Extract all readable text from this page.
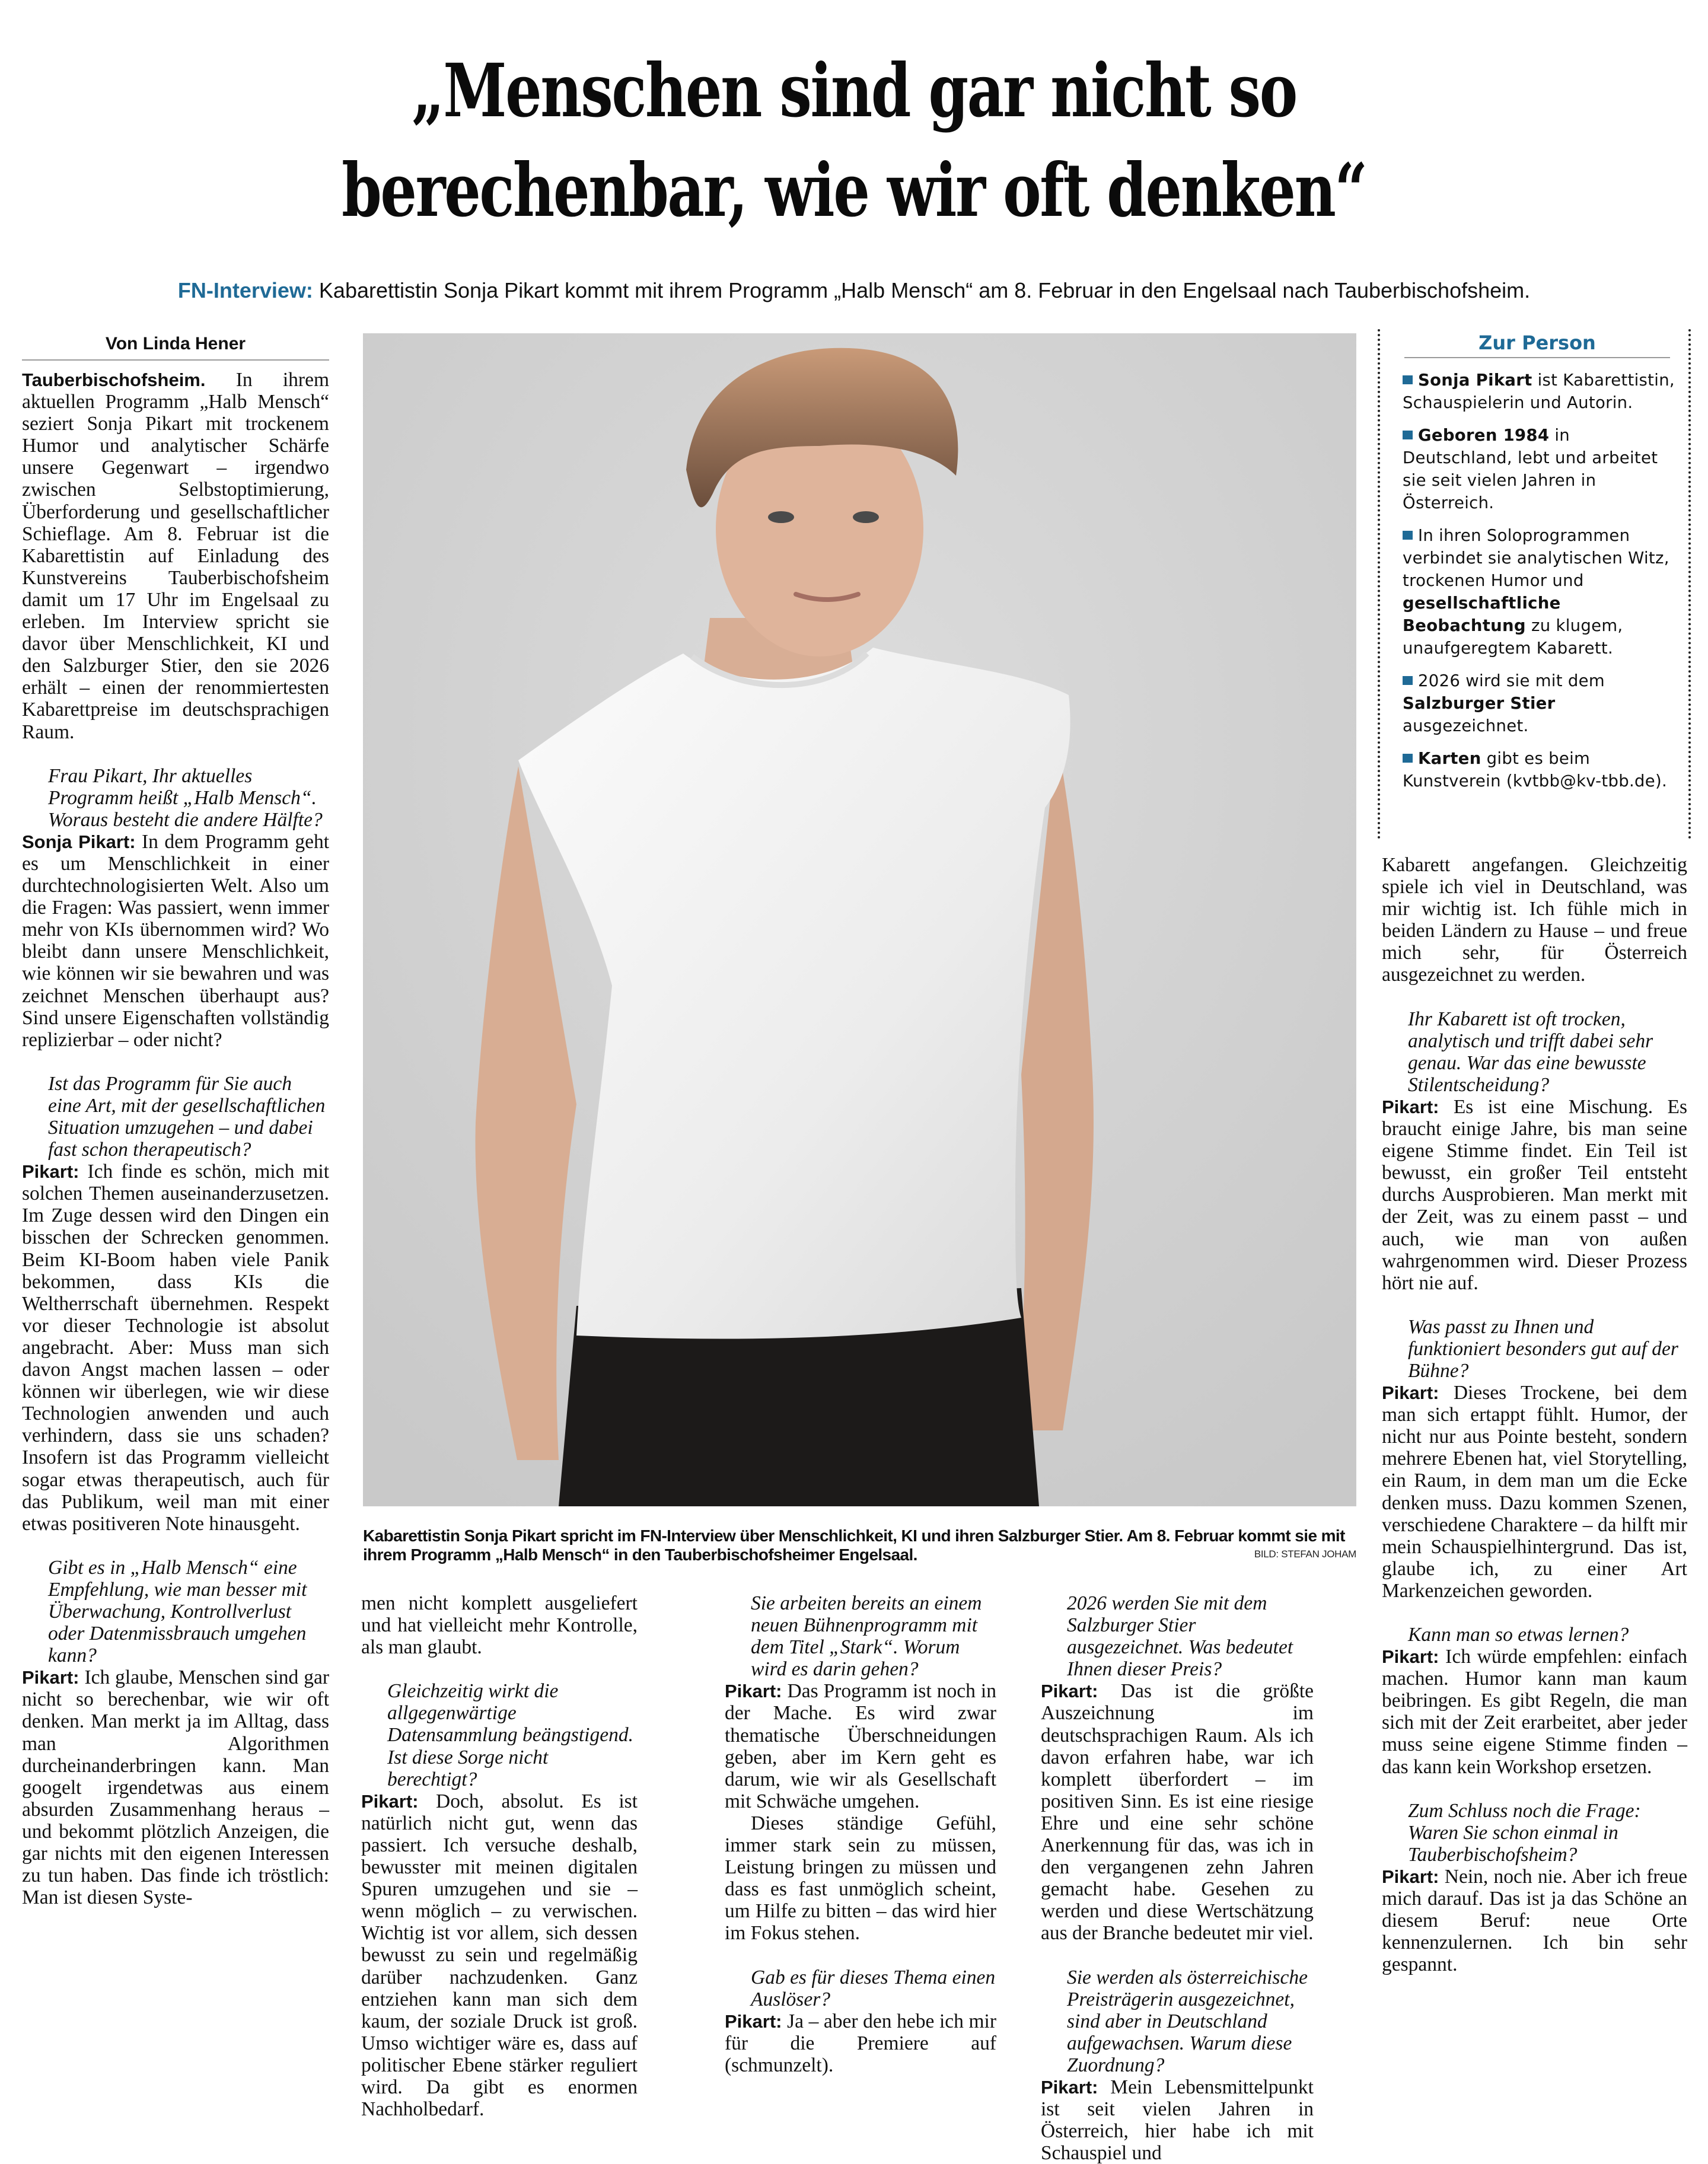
„Menschen sind gar nicht so
berechenbar, wie wir oft denken“
FN-Interview: Kabarettistin Sonja Pikart kommt mit ihrem Programm „Halb Mensch“ am 8. Februar in den Engelsaal nach Tauberbischofsheim.
Von Linda Hener

Tauberbischofsheim. In ihrem aktuellen Programm „Halb Mensch“ seziert Sonja Pikart mit trockenem Humor und analytischer Schärfe unsere Gegenwart – irgendwo zwischen Selbstoptimierung, Überforderung und gesellschaftlicher Schieflage. Am 8. Februar ist die Kabarettistin auf Einladung des Kunstvereins Tauberbischofsheim damit um 17 Uhr im Engelsaal zu erleben. Im Interview spricht sie davor über Menschlichkeit, KI und den Salzburger Stier, den sie 2026 erhält – einen der renommiertesten Kabarettpreise im deutschsprachigen Raum.

Frau Pikart, Ihr aktuelles Programm heißt „Halb Mensch“. Woraus besteht die andere Hälfte?

Sonja Pikart: In dem Programm geht es um Menschlichkeit in einer durchtechnologisierten Welt. Also um die Fragen: Was passiert, wenn immer mehr von KIs übernommen wird? Wo bleibt dann unsere Menschlichkeit, wie können wir sie bewahren und was zeichnet Menschen überhaupt aus? Sind unsere Eigenschaften vollständig replizierbar – oder nicht?

Ist das Programm für Sie auch eine Art, mit der gesellschaftlichen Situation umzugehen – und dabei fast schon therapeutisch?

Pikart: Ich finde es schön, mich mit solchen Themen auseinanderzusetzen. Im Zuge dessen wird den Dingen ein bisschen der Schrecken genommen. Beim KI-Boom haben viele Panik bekommen, dass KIs die Weltherrschaft übernehmen. Respekt vor dieser Technologie ist absolut angebracht. Aber: Muss man sich davon Angst machen lassen – oder können wir überlegen, wie wir diese Technologien anwenden und auch verhindern, dass sie uns schaden? Insofern ist das Programm vielleicht sogar etwas therapeutisch, auch für das Publikum, weil man mit einer etwas positiveren Note hinausgeht.

Gibt es in „Halb Mensch“ eine Empfehlung, wie man besser mit Überwachung, Kontrollverlust oder Datenmissbrauch umgehen kann?

Pikart: Ich glaube, Menschen sind gar nicht so berechenbar, wie wir oft denken. Man merkt ja im Alltag, dass man Algorithmen durcheinanderbringen kann. Man googelt irgendetwas aus einem absurden Zusammenhang heraus – und bekommt plötzlich Anzeigen, die gar nichts mit den eigenen Interessen zu tun haben. Das finde ich tröstlich: Man ist diesen Syste-

Kabarettistin Sonja Pikart spricht im FN-Interview über Menschlichkeit, KI und ihren Salzburger Stier. Am 8. Februar kommt sie mit ihrem Programm „Halb Mensch“ in den Tauberbischofsheimer Engelsaal.	BILD: STEFAN JOHAM

men nicht komplett ausgeliefert und hat vielleicht mehr Kontrolle, als man glaubt.

Gleichzeitig wirkt die allgegenwärtige Datensammlung beängstigend. Ist diese Sorge nicht berechtigt?

Pikart: Doch, absolut. Es ist natürlich nicht gut, wenn das passiert. Ich versuche deshalb, bewusster mit meinen digitalen Spuren umzugehen und sie – wenn möglich – zu verwischen. Wichtig ist vor allem, sich dessen bewusst zu sein und regelmäßig darüber nachzudenken. Ganz entziehen kann man sich dem kaum, der soziale Druck ist groß. Umso wichtiger wäre es, dass auf politischer Ebene stärker reguliert wird. Da gibt es enormen Nachholbedarf.

Sie arbeiten bereits an einem neuen Bühnenprogramm mit dem Titel „Stark“. Worum wird es darin gehen?

Pikart: Das Programm ist noch in der Mache. Es wird zwar thematische Überschneidungen geben, aber im Kern geht es darum, wie wir als Gesellschaft mit Schwäche umgehen.

Dieses ständige Gefühl, immer stark sein zu müssen, Leistung bringen zu müssen und dass es fast unmöglich scheint, um Hilfe zu bitten – das wird hier im Fokus stehen.

Gab es für dieses Thema einen Auslöser?

Pikart: Ja – aber den hebe ich mir für die Premiere auf (schmunzelt).

2026 werden Sie mit dem Salzburger Stier ausgezeichnet. Was bedeutet Ihnen dieser Preis?

Pikart: Das ist die größte Auszeichnung im deutschsprachigen Raum. Als ich davon erfahren habe, war ich komplett überfordert – im positiven Sinn. Es ist eine riesige Ehre und eine sehr schöne Anerkennung für das, was ich in den vergangenen zehn Jahren gemacht habe. Gesehen zu werden und diese Wertschätzung aus der Branche bedeutet mir viel.

Sie werden als österreichische Preisträgerin ausgezeichnet, sind aber in Deutschland aufgewachsen. Warum diese Zuordnung?

Pikart: Mein Lebensmittelpunkt ist seit vielen Jahren in Österreich, hier habe ich mit Schauspiel und

Zur Person

Sonja Pikart ist Kabarettistin, Schauspielerin und Autorin.

Geboren 1984 in Deutschland, lebt und arbeitet sie seit vielen Jahren in Österreich.

In ihren Soloprogrammen verbindet sie analytischen Witz, trockenen Humor und gesellschaftliche Beobachtung zu klugem, unaufgeregtem Kabarett.

2026 wird sie mit dem Salzburger Stier ausgezeichnet.

Karten gibt es beim Kunstverein (kvtbb@kv-tbb.de).

Kabarett angefangen. Gleichzeitig spiele ich viel in Deutschland, was mir wichtig ist. Ich fühle mich in beiden Ländern zu Hause – und freue mich sehr, für Österreich ausgezeichnet zu werden.

Ihr Kabarett ist oft trocken, analytisch und trifft dabei sehr genau. War das eine bewusste Stilentscheidung?

Pikart: Es ist eine Mischung. Es braucht einige Jahre, bis man seine eigene Stimme findet. Ein Teil ist bewusst, ein großer Teil entsteht durchs Ausprobieren. Man merkt mit der Zeit, was zu einem passt – und auch, wie man von außen wahrgenommen wird. Dieser Prozess hört nie auf.

Was passt zu Ihnen und funktioniert besonders gut auf der Bühne?

Pikart: Dieses Trockene, bei dem man sich ertappt fühlt. Humor, der nicht nur aus Pointe besteht, sondern mehrere Ebenen hat, viel Storytelling, ein Raum, in dem man um die Ecke denken muss. Dazu kommen Szenen, verschiedene Charaktere – da hilft mir mein Schauspielhintergrund. Das ist, glaube ich, zu einer Art Markenzeichen geworden.

Kann man so etwas lernen?

Pikart: Ich würde empfehlen: einfach machen. Humor kann man kaum beibringen. Es gibt Regeln, die man sich mit der Zeit erarbeitet, aber jeder muss seine eigene Stimme finden – das kann kein Workshop ersetzen.

Zum Schluss noch die Frage: Waren Sie schon einmal in Tauberbischofsheim?

Pikart: Nein, noch nie. Aber ich freue mich darauf. Das ist ja das Schöne an diesem Beruf: neue Orte kennenzulernen. Ich bin sehr gespannt.
